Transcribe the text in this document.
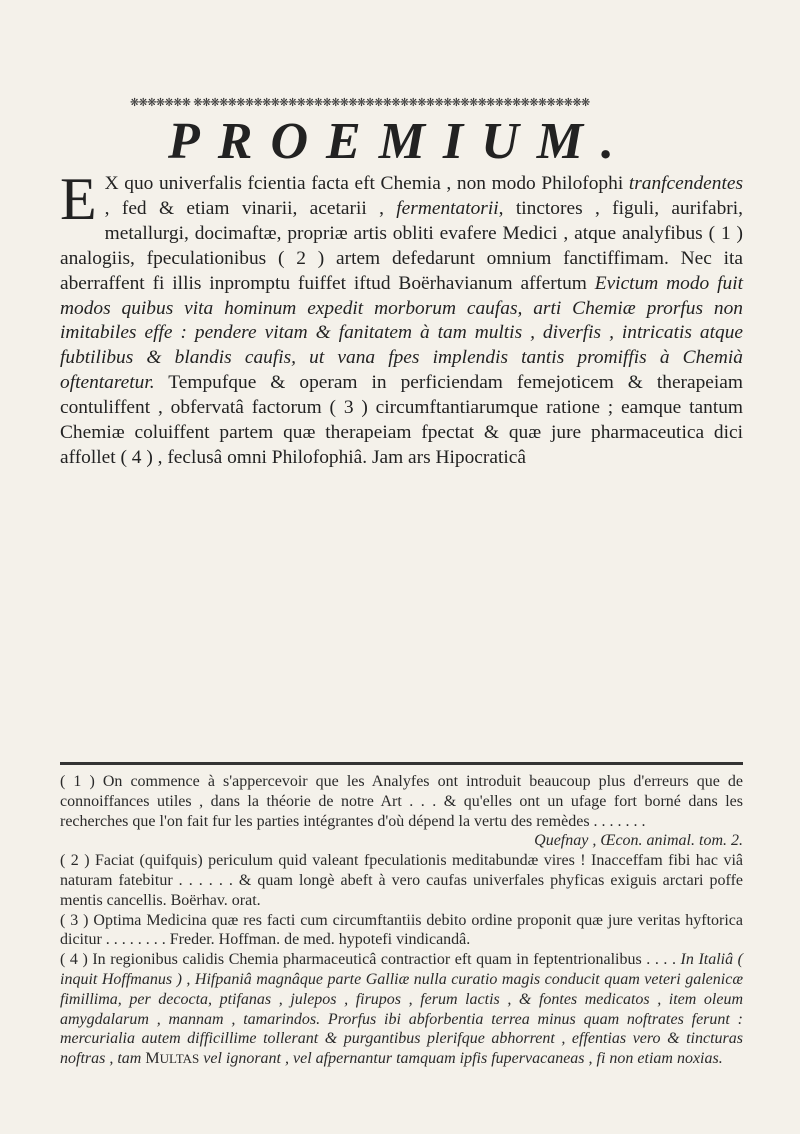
❋❋❋❋❋❋❋ ❋❋❋❋❋❋❋❋❋❋❋❋❋❋❋❋❋❋❋❋❋❋❋❋❋❋❋❋❋❋❋❋❋❋❋❋❋❋❋❋❋❋❋❋❋❋
PROEMIUM.
E X quo univerfalis fcientia facta eft Chemia , non modo Philofophi tranfcendentes , fed & etiam vinarii, acetarii , fermentatorii, tinctores , figuli, aurifabri, metallurgi, docimaftæ, propriæ artis obliti evafere Medici , atque analyfibus ( 1 ) analogiis, fpeculationibus ( 2 ) artem defedarunt omnium fanctiffimam. Nec ita aberraffent fi illis inpromptu fuiffet iftud Boërhavianum affertum Evictum modo fuit modos quibus vita hominum expedit morborum caufas, arti Chemiæ prorfus non imitabiles effe : pendere vitam & fanitatem à tam multis , diverfis , intricatis atque fubtilibus & blandis caufis, ut vana fpes implendis tantis promiffis à Chemià oftentaretur. Tempufque & operam in perficiendam femejoticem & therapeiam contuliffent , obfervatâ factorum ( 3 ) circumftantiarumque ratione ; eamque tantum Chemiæ coluiffent partem quæ therapeiam fpectat & quæ jure pharmaceutica dici affollet ( 4 ) , feclusâ omni Philofophiâ. Jam ars Hipocraticâ

( 1 ) On commence à s'appercevoir que les Analyfes ont introduit beaucoup plus d'erreurs que de connoiffances utiles , dans la théorie de notre Art . . . & qu'elles ont un ufage fort borné dans les recherches que l'on fait fur les parties intégrantes d'où dépend la vertu des remèdes . . . . . . .

Quefnay , Œcon. animal. tom. 2.

( 2 ) Faciat (quifquis) periculum quid valeant fpeculationis meditabundæ vires ! Inacceffam fibi hac viâ naturam fatebitur . . . . . . & quam longè abeft à vero caufas univerfales phyficas exiguis arctari poffe mentis cancellis. Boërhav. orat.

( 3 ) Optima Medicina quæ res facti cum circumftantiis debito ordine proponit quæ jure veritas hyftorica dicitur . . . . . . . . Freder. Hoffman. de med. hypotefi vindicandâ.

( 4 ) In regionibus calidis Chemia pharmaceuticâ contractior eft quam in feptentrionalibus . . . . In Italiâ ( inquit Hoffmanus ) , Hifpaniâ magnâque parte Galliæ nulla curatio magis conducit quam veteri galenicæ fimillima, per decocta, ptifanas , julepos , firupos , ferum lactis , & fontes medicatos , item oleum amygdalarum , mannam , tamarindos. Prorfus ibi abforbentia terrea minus quam noftrates ferunt : mercurialia autem difficillime tollerant & purgantibus plerifque abhorrent , effentias vero & tincturas noftras , tam MULTAS vel ignorant , vel afpernantur tamquam ipfis fupervacaneas , fi non etiam noxias.
